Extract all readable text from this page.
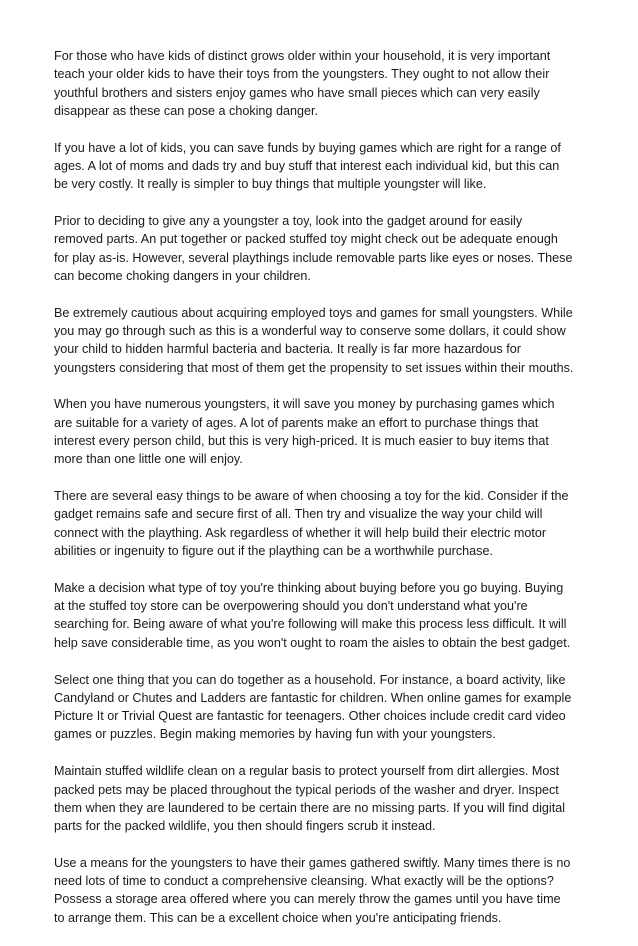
For those who have kids of distinct grows older within your household, it is very important
teach your older kids to have their toys from the youngsters. They ought to not allow their
youthful brothers and sisters enjoy games who have small pieces which can very easily
disappear as these can pose a choking danger.

If you have a lot of kids, you can save funds by buying games which are right for a range of
ages. A lot of moms and dads try and buy stuff that interest each individual kid, but this can
be very costly. It really is simpler to buy things that multiple youngster will like.

Prior to deciding to give any a youngster a toy, look into the gadget around for easily
removed parts. An put together or packed stuffed toy might check out be adequate enough
for play as-is. However, several playthings include removable parts like eyes or noses. These
can become choking dangers in your children.

Be extremely cautious about acquiring employed toys and games for small youngsters. While
you may go through such as this is a wonderful way to conserve some dollars, it could show
your child to hidden harmful bacteria and bacteria. It really is far more hazardous for
youngsters considering that most of them get the propensity to set issues within their mouths.

When you have numerous youngsters, it will save you money by purchasing games which
are suitable for a variety of ages. A lot of parents make an effort to purchase things that
interest every person child, but this is very high-priced. It is much easier to buy items that
more than one little one will enjoy.

There are several easy things to be aware of when choosing a toy for the kid. Consider if the
gadget remains safe and secure first of all. Then try and visualize the way your child will
connect with the plaything. Ask regardless of whether it will help build their electric motor
abilities or ingenuity to figure out if the plaything can be a worthwhile purchase.

Make a decision what type of toy you're thinking about buying before you go buying. Buying
at the stuffed toy store can be overpowering should you don't understand what you're
searching for. Being aware of what you're following will make this process less difficult. It will
help save considerable time, as you won't ought to roam the aisles to obtain the best gadget.

Select one thing that you can do together as a household. For instance, a board activity, like
Candyland or Chutes and Ladders are fantastic for children. When online games for example
Picture It or Trivial Quest are fantastic for teenagers. Other choices include credit card video
games or puzzles. Begin making memories by having fun with your youngsters.

Maintain stuffed wildlife clean on a regular basis to protect yourself from dirt allergies. Most
packed pets may be placed throughout the typical periods of the washer and dryer. Inspect
them when they are laundered to be certain there are no missing parts. If you will find digital
parts for the packed wildlife, you then should fingers scrub it instead.

Use a means for the youngsters to have their games gathered swiftly. Many times there is no
need lots of time to conduct a comprehensive cleansing. What exactly will be the options?
Possess a storage area offered where you can merely throw the games until you have time
to arrange them. This can be a excellent choice when you're anticipating friends.
